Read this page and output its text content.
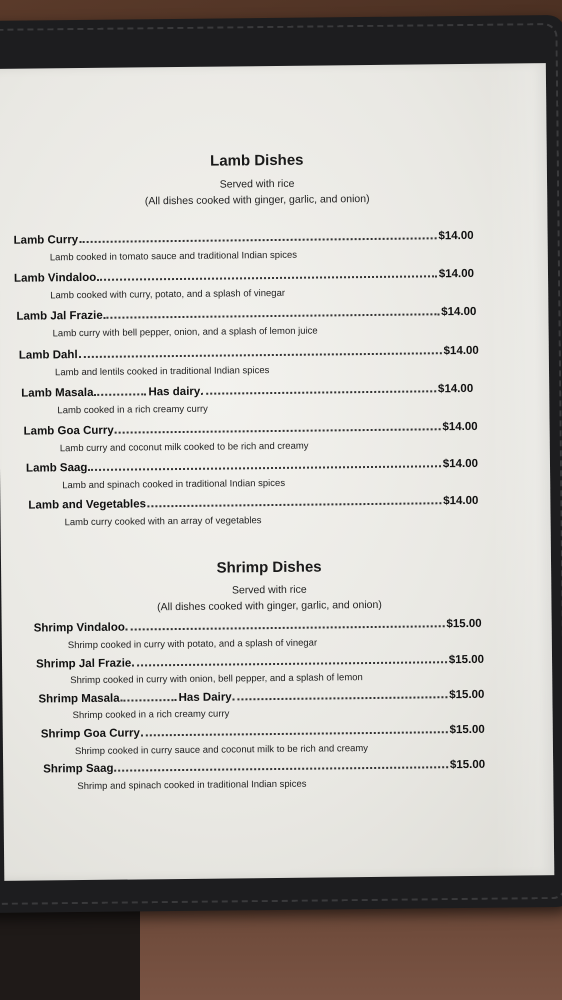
Lamb Dishes
Served with rice
(All dishes cooked with ginger, garlic, and onion)
Lamb Curry	$14.00
Lamb cooked in tomato sauce and traditional Indian spices
Lamb Vindaloo	$14.00
Lamb cooked with curry, potato, and a splash of vinegar
Lamb Jal Frazie	$14.00
Lamb curry with bell pepper, onion, and a splash of lemon juice
Lamb Dahl	$14.00
Lamb and lentils cooked in traditional Indian spices
Lamb Masala	Has dairy	$14.00
Lamb cooked in a rich creamy curry
Lamb Goa Curry	$14.00
Lamb curry and coconut milk cooked to be rich and creamy
Lamb Saag	$14.00
Lamb and spinach cooked in traditional Indian spices
Lamb and Vegetables	$14.00
Lamb curry cooked with an array of vegetables
Shrimp Dishes
Served with rice
(All dishes cooked with ginger, garlic, and onion)
Shrimp Vindaloo	$15.00
Shrimp cooked in curry with potato, and a splash of vinegar
Shrimp Jal Frazie	$15.00
Shrimp cooked in curry with onion, bell pepper, and a splash of lemon
Shrimp Masala	Has Dairy	$15.00
Shrimp cooked in a rich creamy curry
Shrimp Goa Curry	$15.00
Shrimp cooked in curry sauce and coconut milk to be rich and creamy
Shrimp Saag	$15.00
Shrimp and spinach cooked in traditional Indian spices
